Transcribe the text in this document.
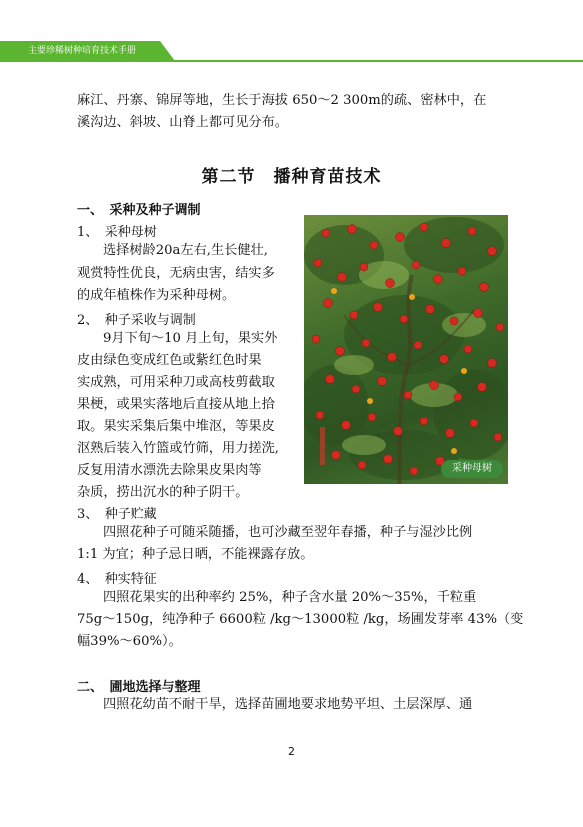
主要珍稀树种培育技术手册
麻江、丹寨、锦屏等地，生长于海拔 650～2 300m的疏、密林中，在
溪沟边、斜坡、山脊上都可见分布。
第二节　播种育苗技术
一、　采种及种子调制
1、　采种母树
选择树龄20a左右,生长健壮,
观赏特性优良，无病虫害，结实多
的成年植株作为采种母树。
2、　种子采收与调制
9月下旬～10 月上旬，果实外
皮由绿色变成红色或紫红色时果
实成熟，可用采种刀或高枝剪截取
果梗，或果实落地后直接从地上拾
取。果实采集后集中堆沤，等果皮
沤熟后装入竹篮或竹筛，用力搓洗,
反复用清水漂洗去除果皮果肉等
杂质，捞出沉水的种子阴干。
采种母树
3、　种子贮藏
四照花种子可随采随播，也可沙藏至翌年春播，种子与湿沙比例
1:1 为宜；种子忌日晒，不能裸露存放。
4、　种实特征
四照花果实的出种率约 25%，种子含水量 20%～35%，千粒重
75g～150g，纯净种子 6600粒 /kg～13000粒 /kg，场圃发芽率 43%（变
幅39%～60%）。
二、　圃地选择与整理
四照花幼苗不耐干旱，选择苗圃地要求地势平坦、土层深厚、通
2
